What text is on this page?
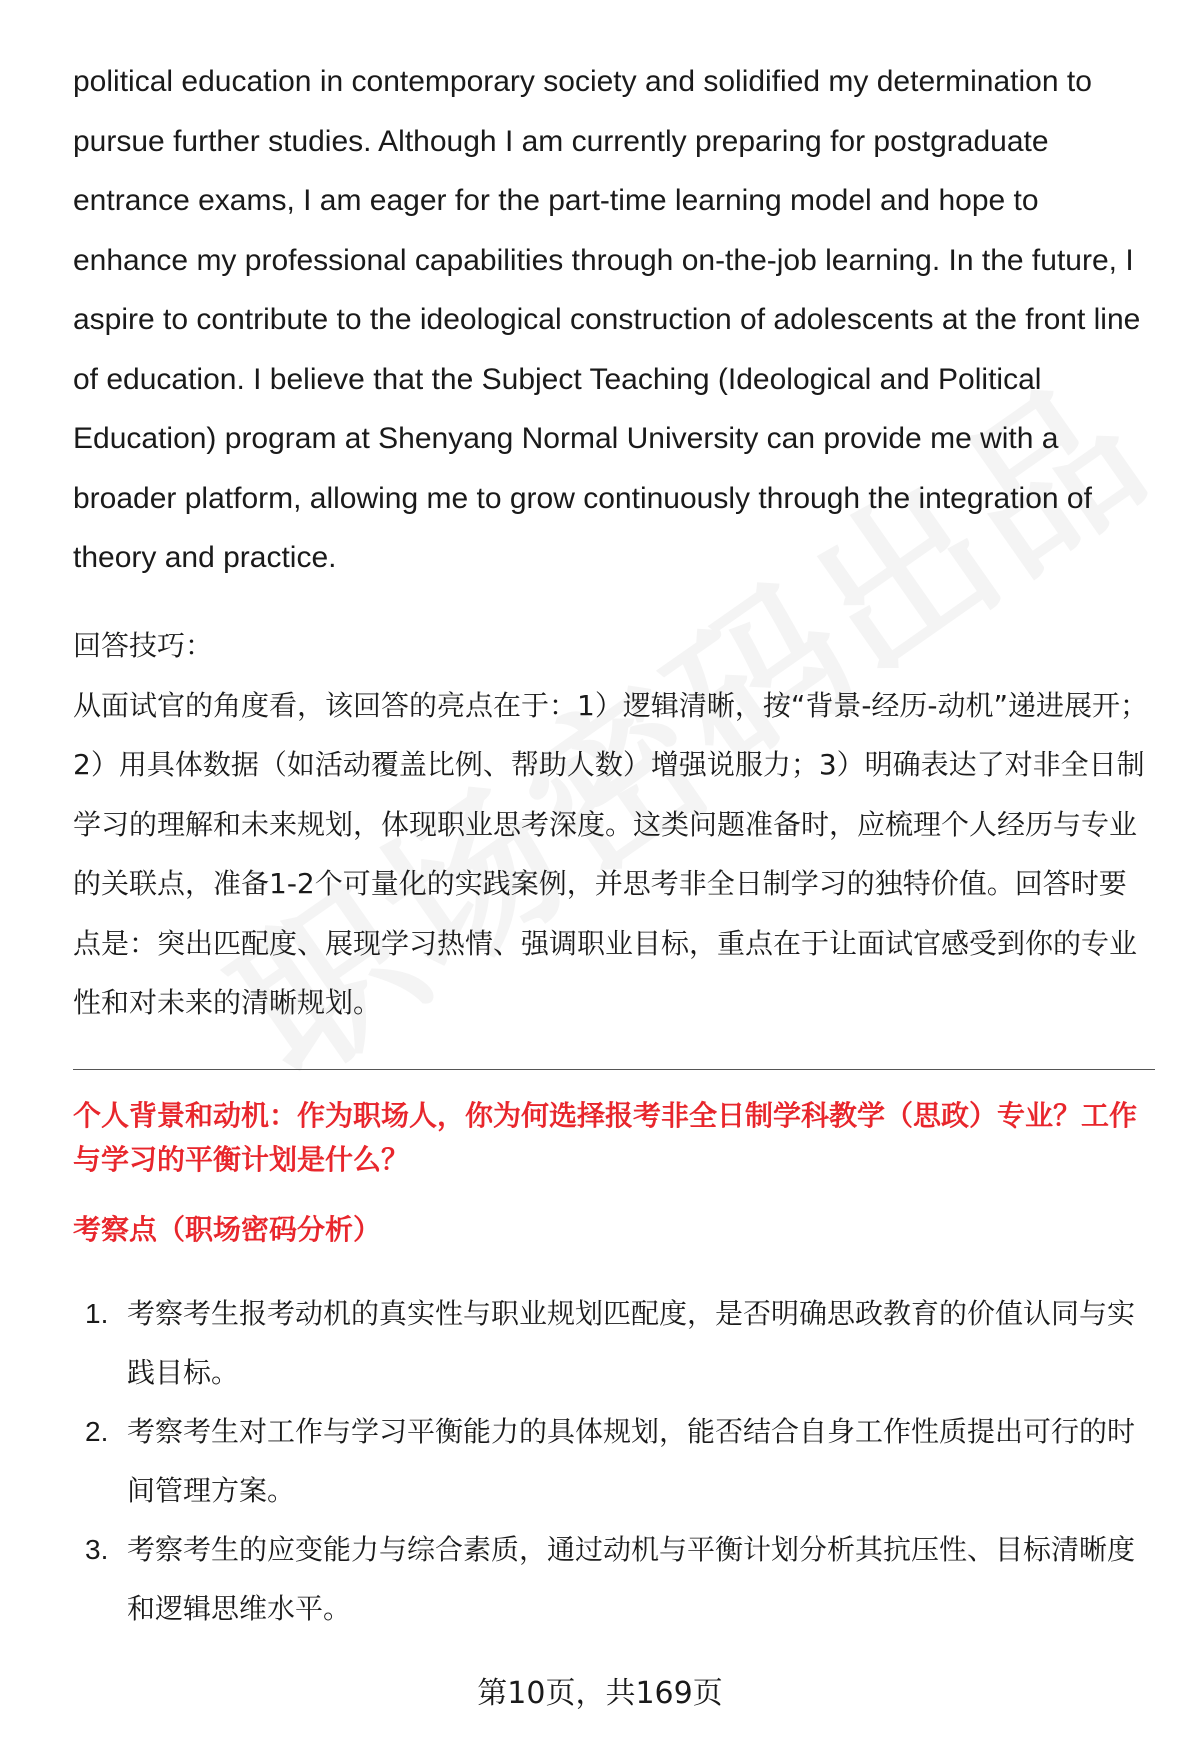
political education in contemporary society and solidified my determination to pursue further studies. Although I am currently preparing for postgraduate entrance exams, I am eager for the part-time learning model and hope to enhance my professional capabilities through on-the-job learning. In the future, I aspire to contribute to the ideological construction of adolescents at the front line of education. I believe that the Subject Teaching (Ideological and Political Education) program at Shenyang Normal University can provide me with a broader platform, allowing me to grow continuously through the integration of theory and practice.

回答技巧：

从面试官的角度看，该回答的亮点在于：1）逻辑清晰，按“背景-经历-动机”递进展开；2）用具体数据（如活动覆盖比例、帮助人数）增强说服力；3）明确表达了对非全日制学习的理解和未来规划，体现职业思考深度。这类问题准备时，应梳理个人经历与专业的关联点，准备1-2个可量化的实践案例，并思考非全日制学习的独特价值。回答时要点是：突出匹配度、展现学习热情、强调职业目标，重点在于让面试官感受到你的专业性和对未来的清晰规划。

个人背景和动机：作为职场人，你为何选择报考非全日制学科教学（思政）专业？工作与学习的平衡计划是什么？
考察点（职场密码分析）
1. 考察考生报考动机的真实性与职业规划匹配度，是否明确思政教育的价值认同与实践目标。
2. 考察考生对工作与学习平衡能力的具体规划，能否结合自身工作性质提出可行的时间管理方案。
3. 考察考生的应变能力与综合素质，通过动机与平衡计划分析其抗压性、目标清晰度和逻辑思维水平。
第10页，共169页
